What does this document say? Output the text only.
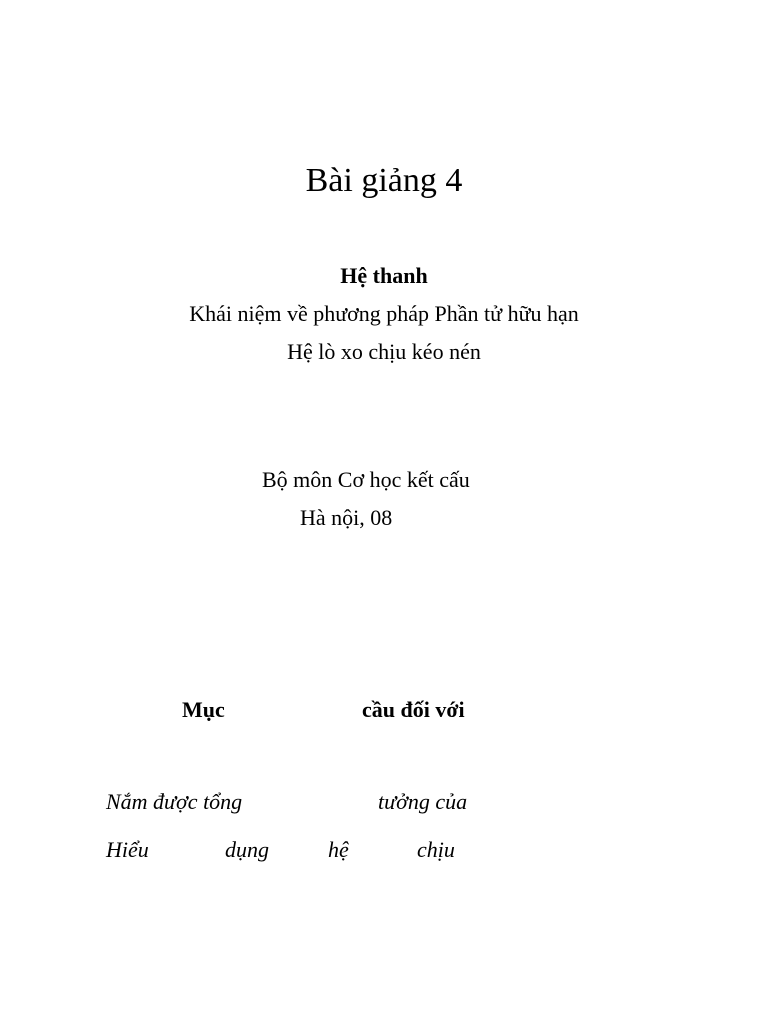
Bài giảng 4
Hệ thanh
Khái niệm về phương pháp Phần tử hữu hạn
Hệ lò xo chịu kéo nén
Bộ môn Cơ học kết cấu
Hà nội, 08
Mục	cầu đối với
Nắm được tổng	tưởng của
Hiểu	dụng	hệ	chịu
